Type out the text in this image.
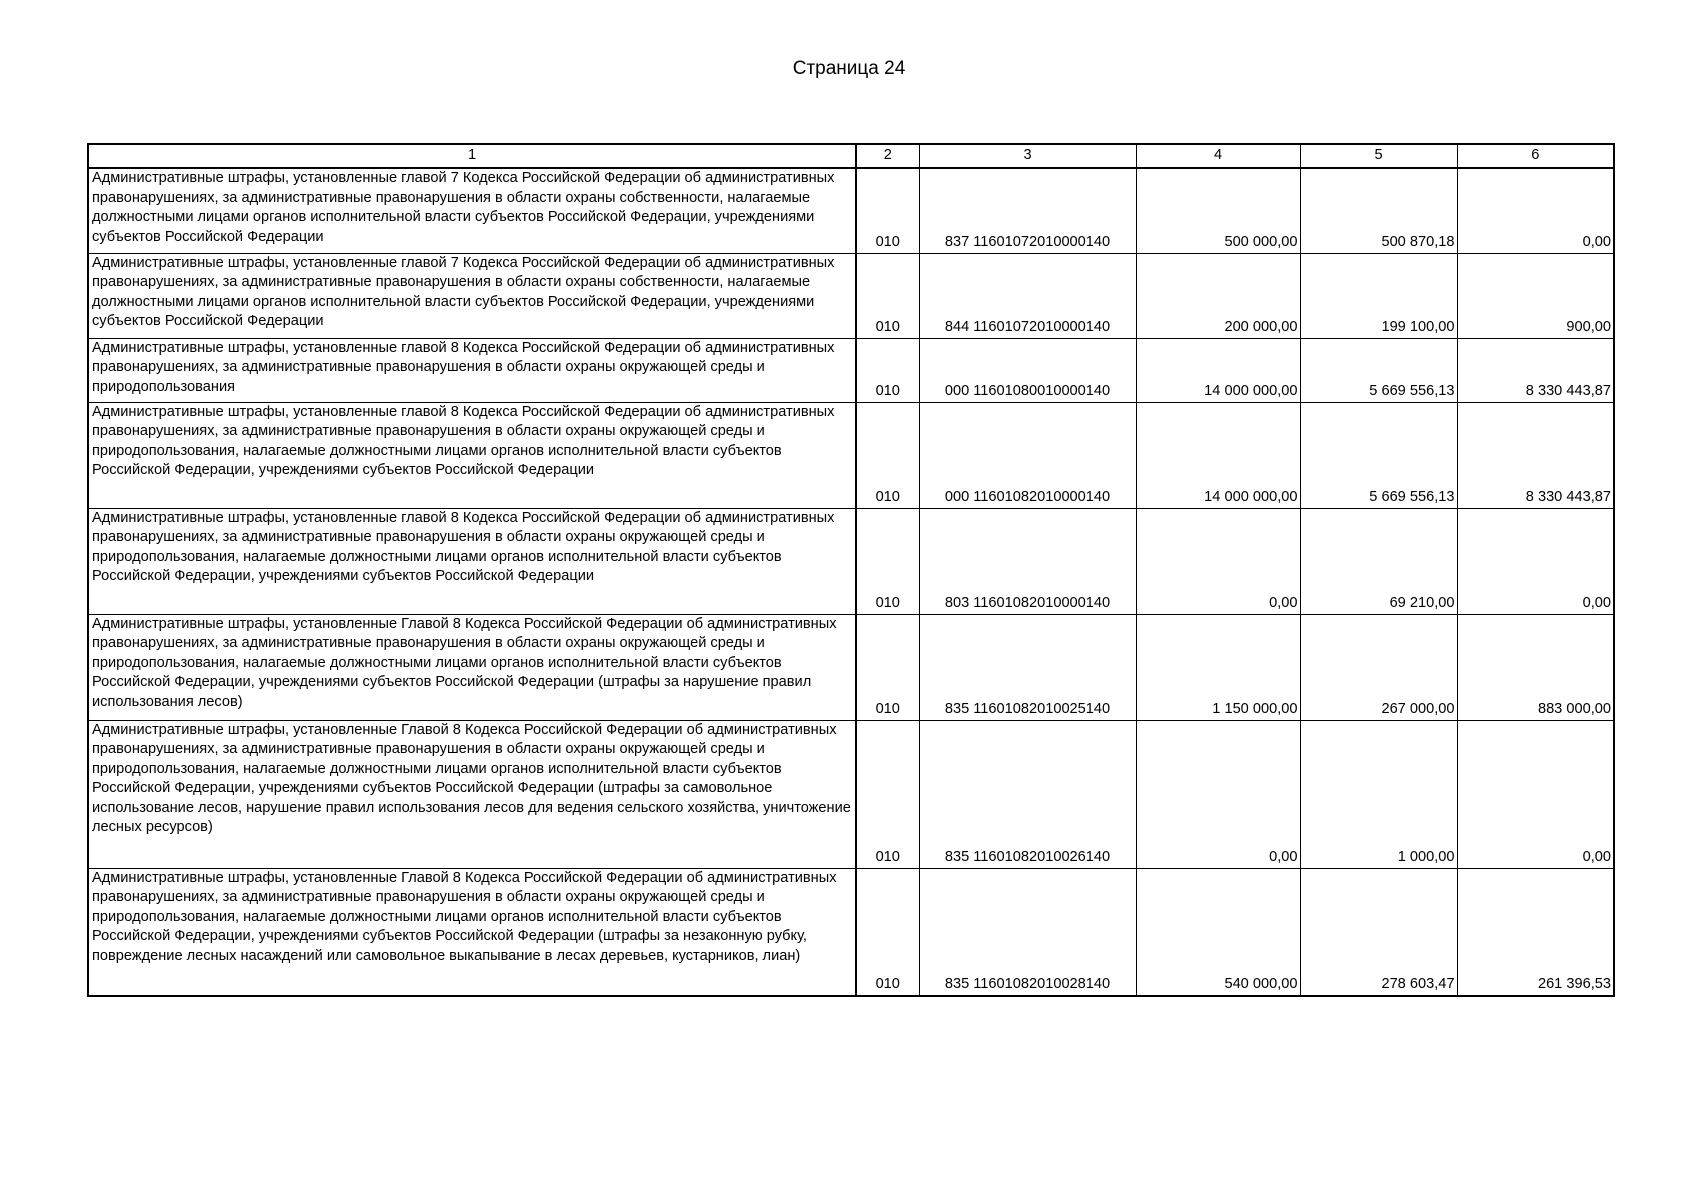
Страница 24
1	2	3	4	5	6
Административные штрафы, установленные главой 7 Кодекса Российской Федерации об административных правонарушениях, за административные правонарушения в области охраны собственности, налагаемые должностными лицами органов исполнительной власти субъектов Российской Федерации, учреждениями субъектов Российской Федерации	010	837 11601072010000140	500 000,00	500 870,18	0,00
Административные штрафы, установленные главой 7 Кодекса Российской Федерации об административных правонарушениях, за административные правонарушения в области охраны собственности, налагаемые должностными лицами органов исполнительной власти субъектов Российской Федерации, учреждениями субъектов Российской Федерации	010	844 11601072010000140	200 000,00	199 100,00	900,00
Административные штрафы, установленные главой 8 Кодекса Российской Федерации об административных правонарушениях, за административные правонарушения в области охраны окружающей среды и природопользования	010	000 11601080010000140	14 000 000,00	5 669 556,13	8 330 443,87
Административные штрафы, установленные главой 8 Кодекса Российской Федерации об административных правонарушениях, за административные правонарушения в области охраны окружающей среды и природопользования, налагаемые должностными лицами органов исполнительной власти субъектов Российской Федерации, учреждениями субъектов Российской Федерации	010	000 11601082010000140	14 000 000,00	5 669 556,13	8 330 443,87
Административные штрафы, установленные главой 8 Кодекса Российской Федерации об административных правонарушениях, за административные правонарушения в области охраны окружающей среды и природопользования, налагаемые должностными лицами органов исполнительной власти субъектов Российской Федерации, учреждениями субъектов Российской Федерации	010	803 11601082010000140	0,00	69 210,00	0,00
Административные штрафы, установленные Главой 8 Кодекса Российской Федерации об административных правонарушениях, за административные правонарушения в области охраны окружающей среды и природопользования, налагаемые должностными лицами органов исполнительной власти субъектов Российской Федерации, учреждениями субъектов Российской Федерации (штрафы за нарушение правил использования лесов)	010	835 11601082010025140	1 150 000,00	267 000,00	883 000,00
Административные штрафы, установленные Главой 8 Кодекса Российской Федерации об административных правонарушениях, за административные правонарушения в области охраны окружающей среды и природопользования, налагаемые должностными лицами органов исполнительной власти субъектов Российской Федерации, учреждениями субъектов Российской Федерации (штрафы за самовольное использование лесов, нарушение правил использования лесов для ведения сельского хозяйства, уничтожение лесных ресурсов)	010	835 11601082010026140	0,00	1 000,00	0,00
Административные штрафы, установленные Главой 8 Кодекса Российской Федерации об административных правонарушениях, за административные правонарушения в области охраны окружающей среды и природопользования, налагаемые должностными лицами органов исполнительной власти субъектов Российской Федерации, учреждениями субъектов Российской Федерации (штрафы за незаконную рубку, повреждение лесных насаждений или самовольное выкапывание в лесах деревьев, кустарников, лиан)	010	835 11601082010028140	540 000,00	278 603,47	261 396,53
